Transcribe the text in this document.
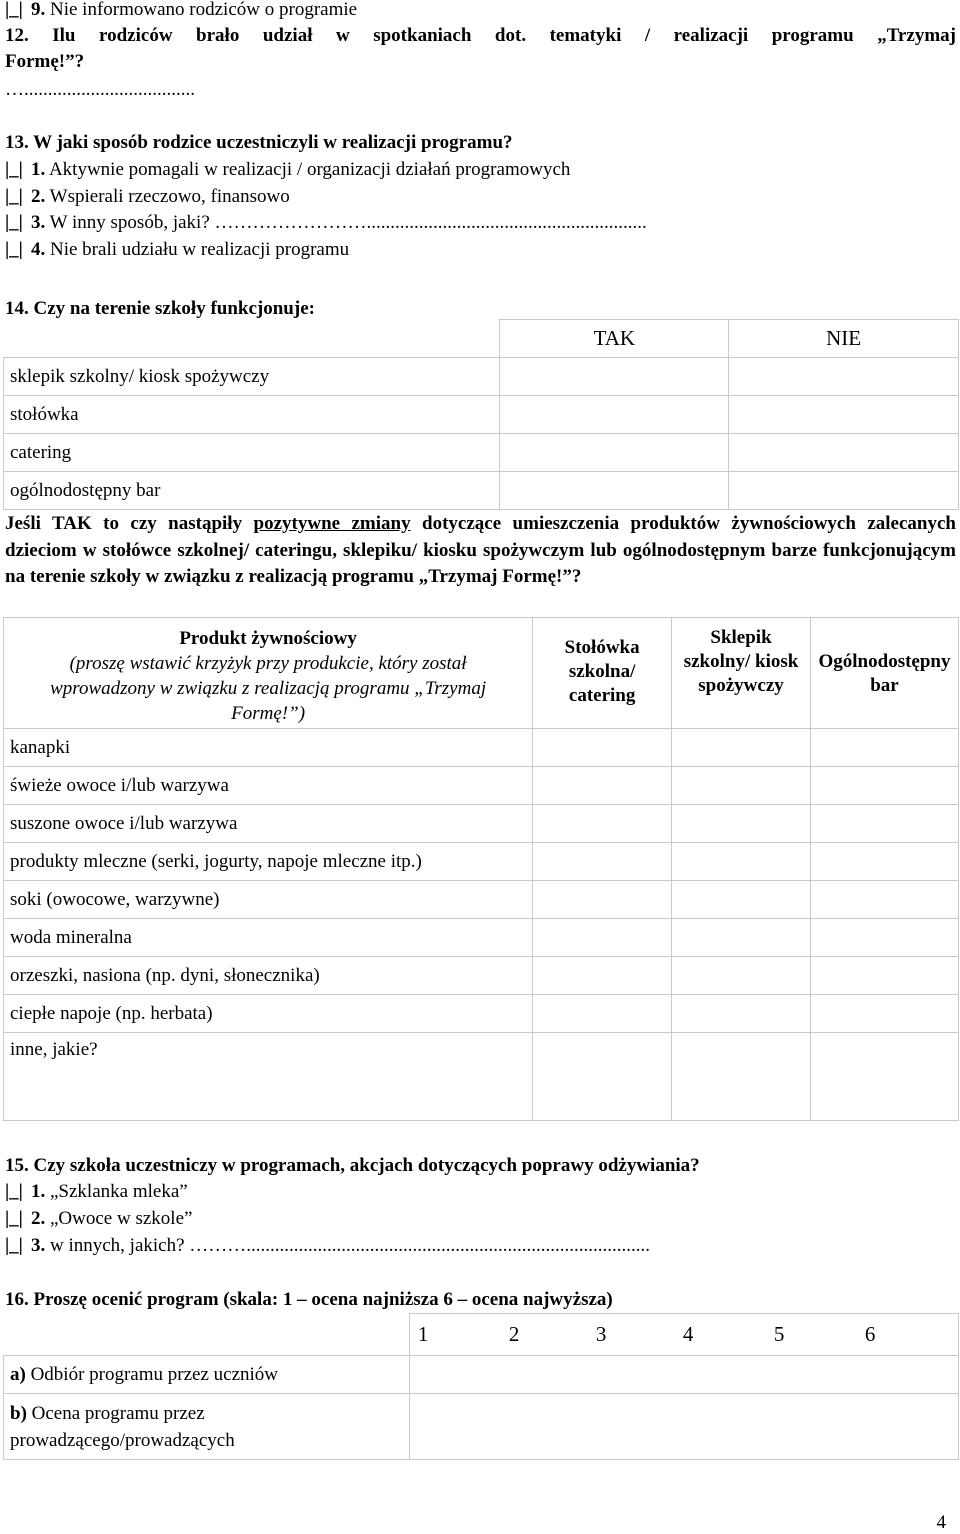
|_| 9. Nie informowano rodziców o programie
12. Ilu rodziców brało udział w spotkaniach dot. tematyki / realizacji programu „Trzymaj
Formę!”?
…....................................
13. W jaki sposób rodzice uczestniczyli w realizacji programu?
|_| 1. Aktywnie pomagali w realizacji / organizacji działań programowych
|_| 2. Wspierali rzeczowo, finansowo
|_| 3. W inny sposób, jaki? ……………………...........................................................
|_| 4. Nie brali udziału w realizacji programu
14. Czy na terenie szkoły funkcjonuje:
	TAK	NIE
sklepik szkolny/ kiosk spożywczy		
stołówka		
catering		
ogólnodostępny bar		
Jeśli TAK to czy nastąpiły pozytywne zmiany dotyczące umieszczenia produktów żywnościowych zalecanych dzieciom w stołówce szkolnej/ cateringu, sklepiku/ kiosku spożywczym lub ogólnodostępnym barze funkcjonującym na terenie szkoły w związku z realizacją programu „Trzymaj Formę!”?
Produkt żywnościowy
(proszę wstawić krzyżyk przy produkcie, który został wprowadzony w związku z realizacją programu „Trzymaj Formę!”)	Stołówka szkolna/ catering	Sklepik szkolny/ kiosk spożywczy	Ogólnodostępny bar
kanapki			
świeże owoce i/lub warzywa			
suszone owoce i/lub warzywa			
produkty mleczne (serki, jogurty, napoje mleczne itp.)			
soki (owocowe, warzywne)			
woda mineralna			
orzeszki, nasiona (np. dyni, słonecznika)			
ciepłe napoje (np. herbata)			
inne, jakie?			
15. Czy szkoła uczestniczy w programach, akcjach dotyczących poprawy odżywiania?
|_| 1. „Szklanka mleka”
|_| 2. „Owoce w szkole”
|_| 3. w innych, jakich? ……….....................................................................................
16. Proszę ocenić program (skala: 1 – ocena najniższa 6 – ocena najwyższa)
	1 2 3 4 5 6
a) Odbiór programu przez uczniów	
b) Ocena programu przez prowadzącego/prowadzących	
4
